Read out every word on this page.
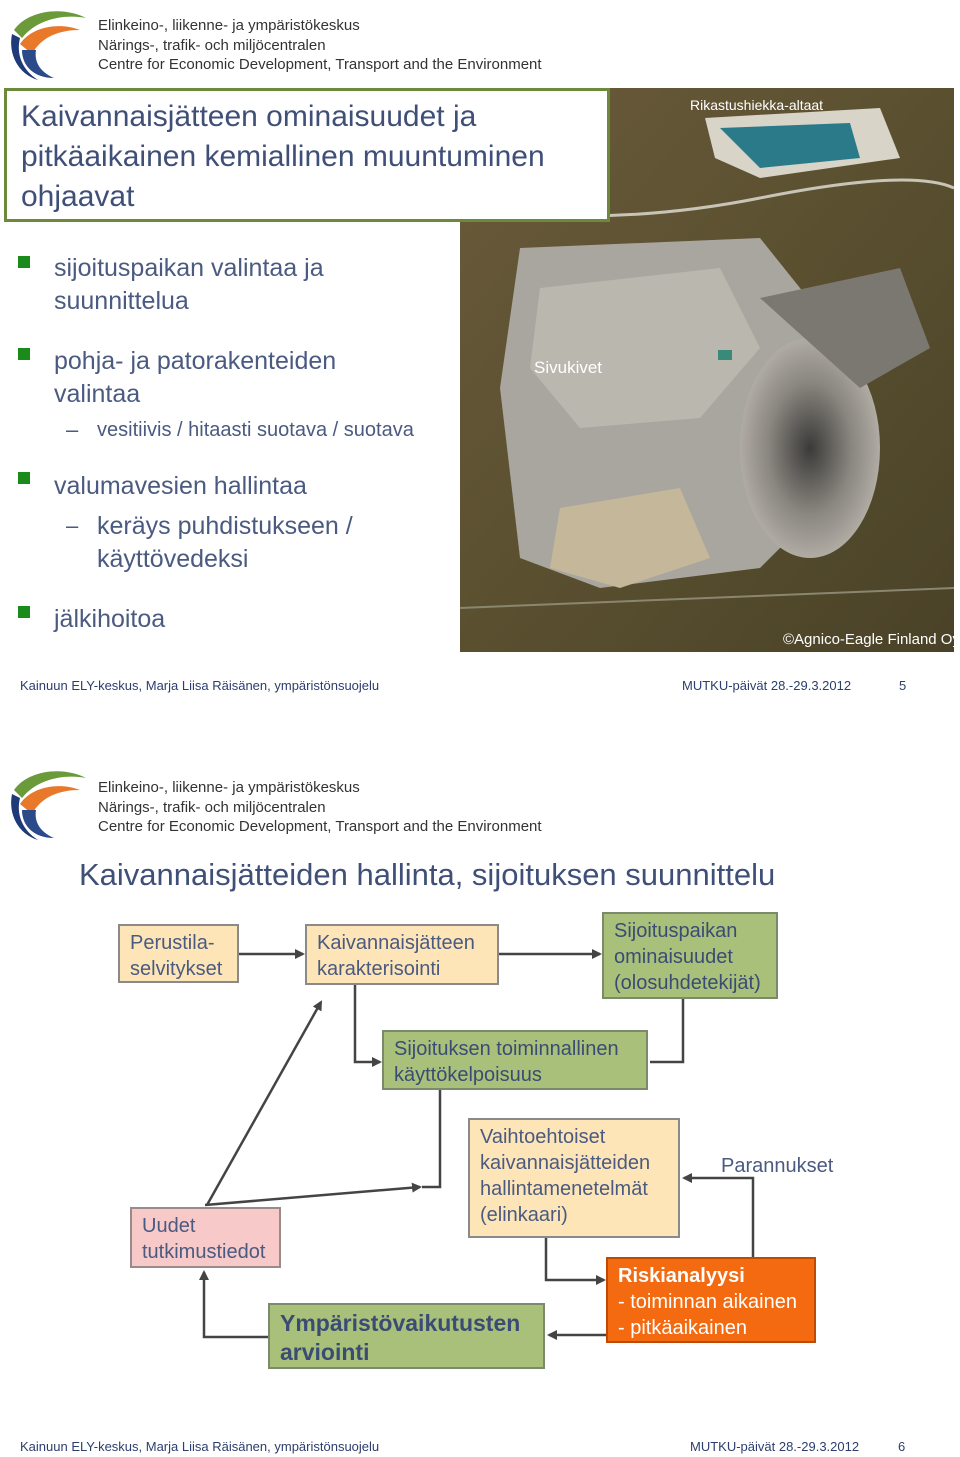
Elinkeino-, liikenne- ja ympäristökeskus
Närings-, trafik- och miljöcentralen
Centre for Economic Development, Transport and the Environment
Rikastushiekka-altaat
Sivukivet
©Agnico-Eagle Finland Oy
Kaivannaisjätteen ominaisuudet ja
pitkäaikainen kemiallinen muuntuminen
ohjaavat
sijoituspaikan valintaa ja
suunnittelua
pohja- ja patorakenteiden
valintaa
– vesitiivis / hitaasti suotava / suotava
valumavesien hallintaa
– keräys puhdistukseen /
käyttövedeksi
jälkihoitoa
Kainuun ELY-keskus, Marja Liisa Räisänen, ympäristönsuojelu	MUTKU-päivät 28.-29.3.2012	5
Elinkeino-, liikenne- ja ympäristökeskus
Närings-, trafik- och miljöcentralen
Centre for Economic Development, Transport and the Environment
Kaivannaisjätteiden hallinta, sijoituksen suunnittelu
Perustila-
selvitykset
Kaivannaisjätteen
karakterisointi
Sijoituspaikan
ominaisuudet
(olosuhdetekijät)
Sijoituksen toiminnallinen
käyttökelpoisuus
Vaihtoehtoiset
kaivannaisjätteiden
hallintamenetelmät
(elinkaari)
Parannukset
Uudet
tutkimustiedot
Riskianalyysi
- toiminnan aikainen
- pitkäaikainen
Ympäristövaikutusten
arviointi
Kainuun ELY-keskus, Marja Liisa Räisänen, ympäristönsuojelu	MUTKU-päivät 28.-29.3.2012	6
